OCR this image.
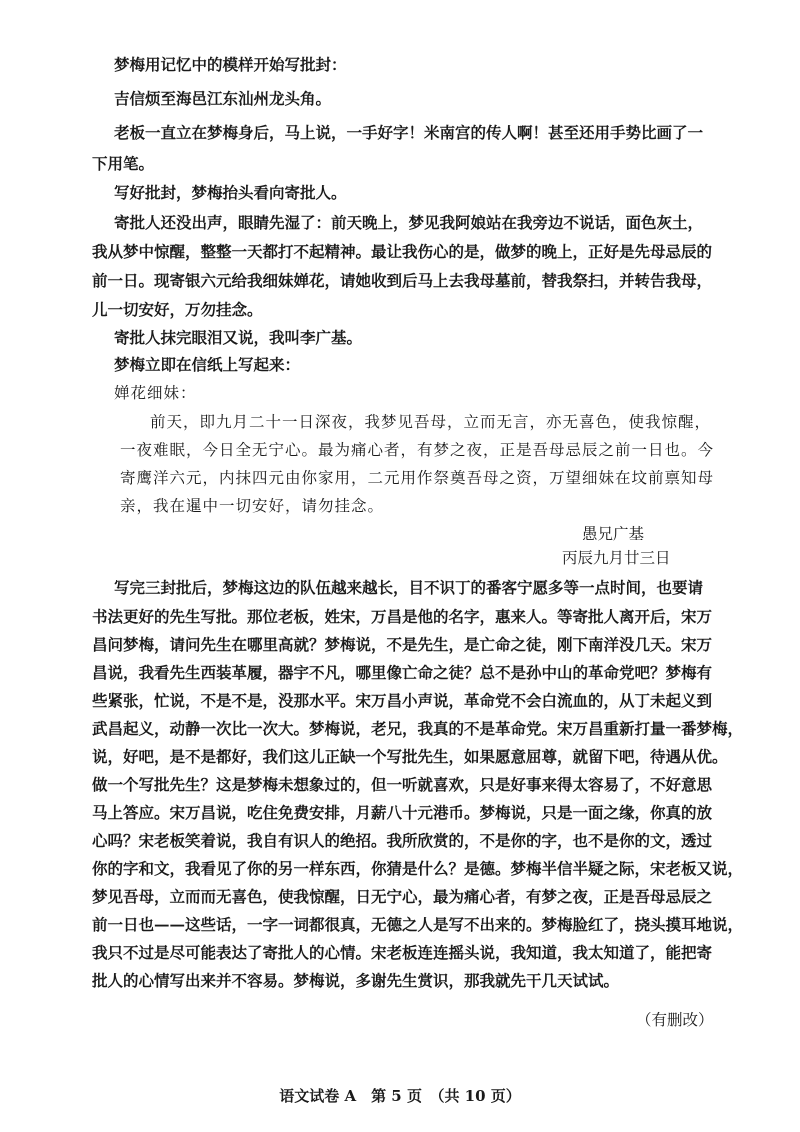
梦梅用记忆中的模样开始写批封：
吉信烦至海邑江东汕州龙头角。
老板一直立在梦梅身后，马上说，一手好字！米南宫的传人啊！甚至还用手势比画了一
下用笔。
写好批封，梦梅抬头看向寄批人。
寄批人还没出声，眼睛先湿了：前天晚上，梦见我阿娘站在我旁边不说话，面色灰土，
我从梦中惊醒，整整一天都打不起精神。最让我伤心的是，做梦的晚上，正好是先母忌辰的
前一日。现寄银六元给我细妹婵花，请她收到后马上去我母墓前，替我祭扫，并转告我母，
儿一切安好，万勿挂念。
寄批人抹完眼泪又说，我叫李广基。
梦梅立即在信纸上写起来：
婵花细妹：
前天，即九月二十一日深夜，我梦见吾母，立而无言，亦无喜色，使我惊醒，
一夜难眠，今日全无宁心。最为痛心者，有梦之夜，正是吾母忌辰之前一日也。今
寄鹰洋六元，内抹四元由你家用，二元用作祭奠吾母之资，万望细妹在坟前禀知母
亲，我在暹中一切安好，请勿挂念。
愚兄广基
丙辰九月廿三日
写完三封批后，梦梅这边的队伍越来越长，目不识丁的番客宁愿多等一点时间，也要请
书法更好的先生写批。那位老板，姓宋，万昌是他的名字，惠来人。等寄批人离开后，宋万
昌问梦梅，请问先生在哪里高就？梦梅说，不是先生，是亡命之徒，刚下南洋没几天。宋万
昌说，我看先生西装革履，器宇不凡，哪里像亡命之徒？总不是孙中山的革命党吧？梦梅有
些紧张，忙说，不是不是，没那水平。宋万昌小声说，革命党不会白流血的，从丁未起义到
武昌起义，动静一次比一次大。梦梅说，老兄，我真的不是革命党。宋万昌重新打量一番梦梅，
说，好吧，是不是都好，我们这儿正缺一个写批先生，如果愿意屈尊，就留下吧，待遇从优。
做一个写批先生？这是梦梅未想象过的，但一听就喜欢，只是好事来得太容易了，不好意思
马上答应。宋万昌说，吃住免费安排，月薪八十元港币。梦梅说，只是一面之缘，你真的放
心吗？宋老板笑着说，我自有识人的绝招。我所欣赏的，不是你的字，也不是你的文，透过
你的字和文，我看见了你的另一样东西，你猜是什么？是德。梦梅半信半疑之际，宋老板又说，
梦见吾母，立而而无喜色，使我惊醒，日无宁心，最为痛心者，有梦之夜，正是吾母忌辰之
前一日也——这些话，一字一词都很真，无德之人是写不出来的。梦梅脸红了，挠头摸耳地说，
我只不过是尽可能表达了寄批人的心情。宋老板连连摇头说，我知道，我太知道了，能把寄
批人的心情写出来并不容易。梦梅说，多谢先生赏识，那我就先干几天试试。
（有删改）
语文试卷 A　第 5 页　（共 10 页）
